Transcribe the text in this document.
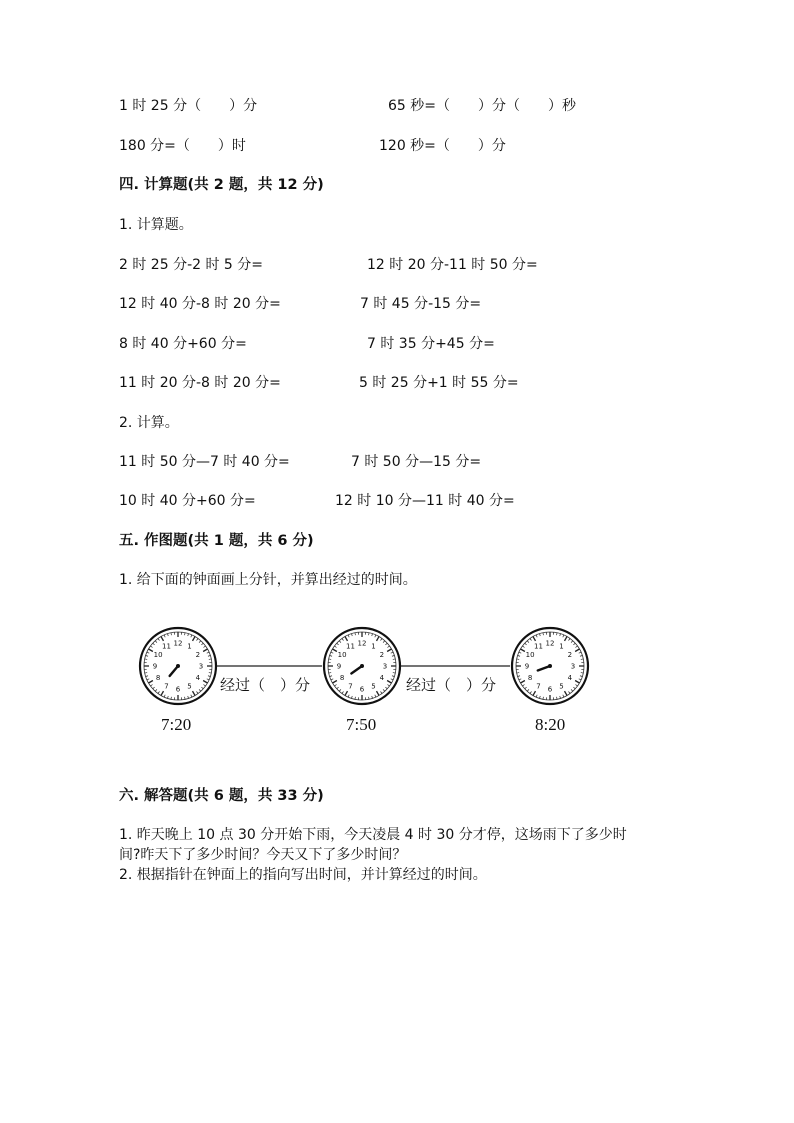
1 时 25 分（　　）分	65 秒=（　　）分（　　）秒
180 分=（　　）时	120 秒=（　　）分
四. 计算题(共 2 题，共 12 分)
1. 计算题。
2 时 25 分-2 时 5 分=	12 时 20 分-11 时 50 分=
12 时 40 分-8 时 20 分=	7 时 45 分-15 分=
8 时 40 分+60 分=	7 时 35 分+45 分=
11 时 20 分-8 时 20 分=	5 时 25 分+1 时 55 分=
2. 计算。
11 时 50 分—7 时 40 分=	7 时 50 分—15 分=
10 时 40 分+60 分=	12 时 10 分—11 时 40 分=
五. 作图题(共 1 题，共 6 分)
1. 给下面的钟面画上分针，并算出经过的时间。
1
2
3
4
5
6
7
8
9
10
11 12	1
2
3
4
5
6
7
8
9
10
11 12	1
2
3
4
5
6
7
8
9
10
11 12
经过（　）分	经过（　）分
7:20	7:50	8:20
六. 解答题(共 6 题，共 33 分)
1. 昨天晚上 10 点 30 分开始下雨，今天凌晨 4 时 30 分才停，这场雨下了多少时
间?昨天下了多少时间？今天又下了多少时间？
2. 根据指针在钟面上的指向写出时间，并计算经过的时间。
